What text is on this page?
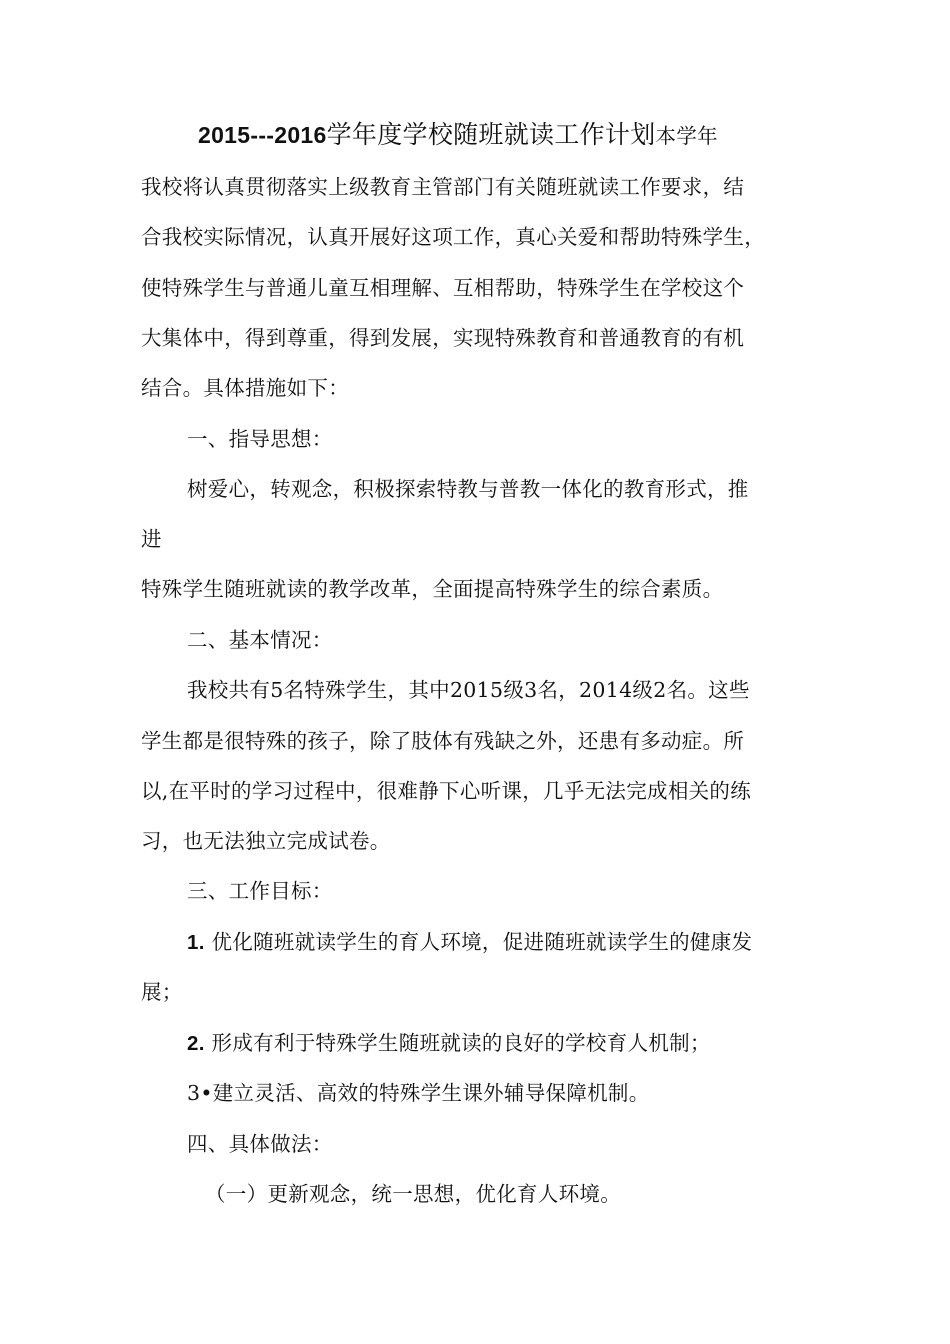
2015---2016学年度学校随班就读工作计划本学年
我校将认真贯彻落实上级教育主管部门有关随班就读工作要求，结
合我校实际情况，认真开展好这项工作，真心关爱和帮助特殊学生，
使特殊学生与普通儿童互相理解、互相帮助，特殊学生在学校这个
大集体中，得到尊重，得到发展，实现特殊教育和普通教育的有机
结合。具体措施如下：
一、指导思想：
树爱心，转观念，积极探索特教与普教一体化的教育形式，推
进
特殊学生随班就读的教学改革，全面提高特殊学生的综合素质。
二、基本情况：
我校共有5名特殊学生，其中2015级3名，2014级2名。这些
学生都是很特殊的孩子，除了肢体有残缺之外，还患有多动症。所
以,在平时的学习过程中，很难静下心听课，几乎无法完成相关的练
习，也无法独立完成试卷。
三、工作目标：
1. 优化随班就读学生的育人环境，促进随班就读学生的健康发
展；
2. 形成有利于特殊学生随班就读的良好的学校育人机制；
3•建立灵活、高效的特殊学生课外辅导保障机制。
四、具体做法：
（一）更新观念，统一思想，优化育人环境。
